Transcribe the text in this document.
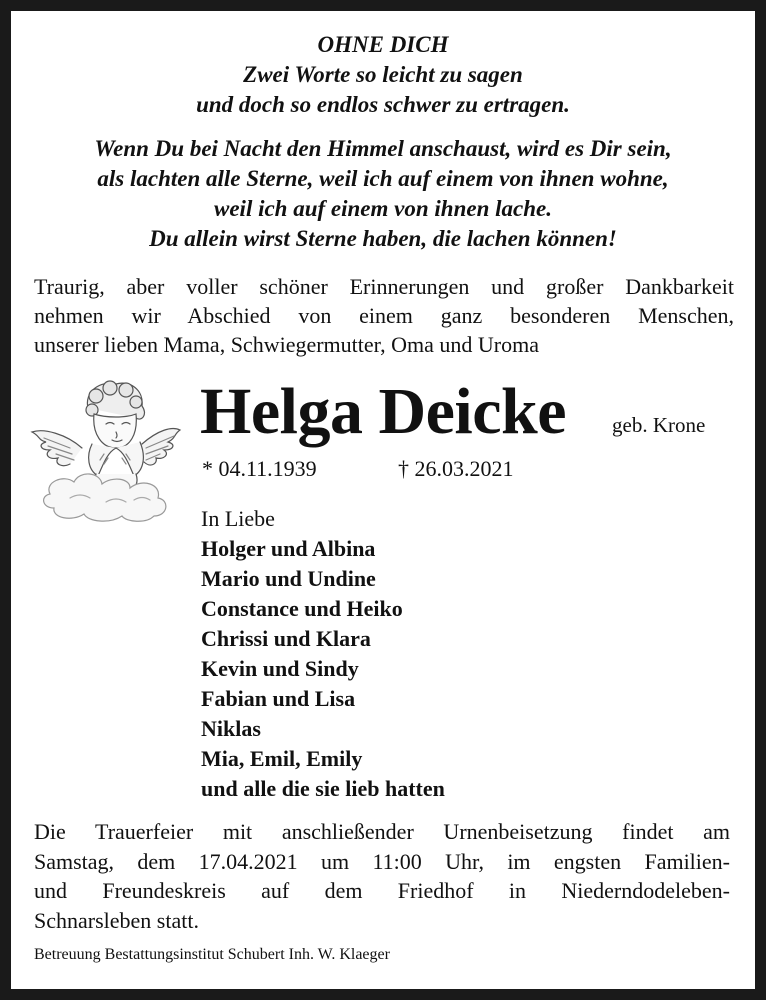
OHNE DICH
Zwei Worte so leicht zu sagen
und doch so endlos schwer zu ertragen.
Wenn Du bei Nacht den Himmel anschaust, wird es Dir sein,
als lachten alle Sterne, weil ich auf einem von ihnen wohne,
weil ich auf einem von ihnen lache.
Du allein wirst Sterne haben, die lachen können!
Traurig, aber voller schöner Erinnerungen und großer Dankbarkeit
nehmen wir Abschied von einem ganz besonderen Menschen,
unserer lieben Mama, Schwiegermutter, Oma und Uroma
Helga Deicke geb. Krone
* 04.11.1939	† 26.03.2021
In Liebe
Holger und Albina
Mario und Undine
Constance und Heiko
Chrissi und Klara
Kevin und Sindy
Fabian und Lisa
Niklas
Mia, Emil, Emily
und alle die sie lieb hatten
Die Trauerfeier mit anschließender Urnenbeisetzung findet am
Samstag, dem 17.04.2021 um 11:00 Uhr, im engsten Familien-
und Freundeskreis auf dem Friedhof in Niederndodeleben-
Schnarsleben statt.
Betreuung Bestattungsinstitut Schubert Inh. W. Klaeger
